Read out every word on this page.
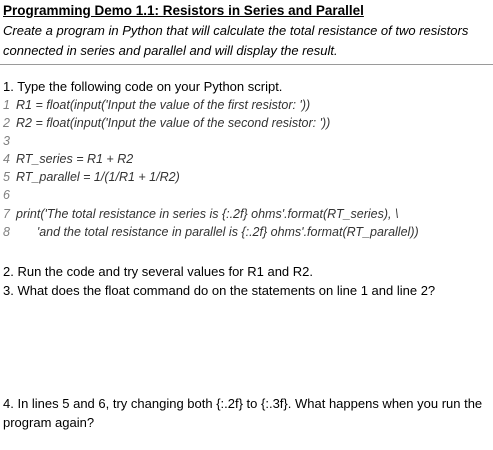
Programming Demo 1.1: Resistors in Series and Parallel
Create a program in Python that will calculate the total resistance of two resistors connected in series and parallel and will display the result.
1. Type the following code on your Python script.
1 R1 = float(input('Input the value of the first resistor: '))
2 R2 = float(input('Input the value of the second resistor: '))
3
4 RT_series = R1 + R2
5 RT_parallel = 1/(1/R1 + 1/R2)
6
7 print('The total resistance in series is {:.2f} ohms'.format(RT_series), \
8      'and the total resistance in parallel is {:.2f} ohms'.format(RT_parallel))
2. Run the code and try several values for R1 and R2.
3. What does the float command do on the statements on line 1 and line 2?
4. In lines 5 and 6, try changing both {:.2f} to {:.3f}. What happens when you run the program again?
